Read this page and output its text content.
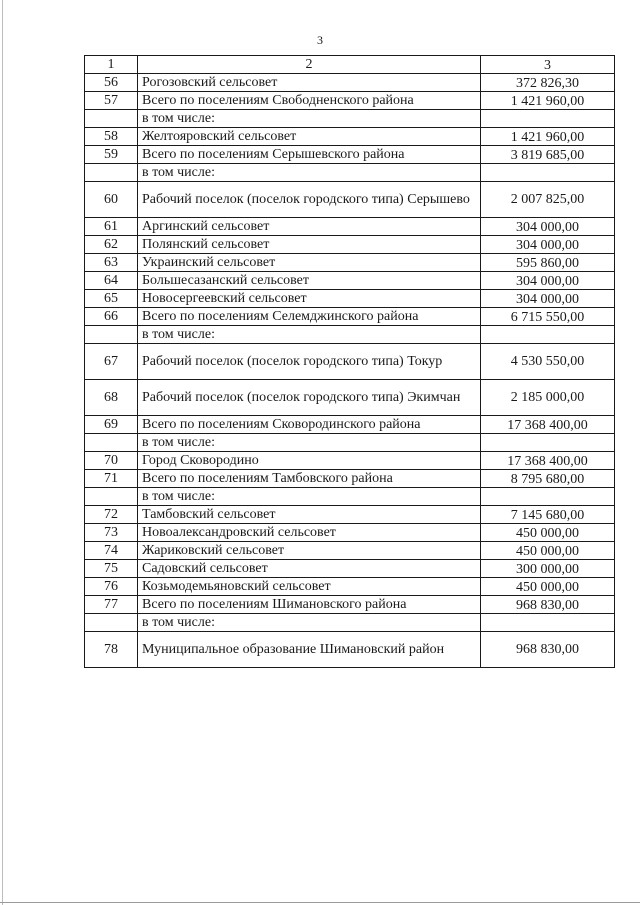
3
1	2	3
56	Рогозовский сельсовет	372 826,30
57	Всего по поселениям Свободненского района	1 421 960,00
	в том числе:	
58	Желтояровский сельсовет	1 421 960,00
59	Всего по поселениям Серышевского района	3 819 685,00
	в том числе:	
60	Рабочий поселок (поселок городского типа) Серышево	2 007 825,00
61	Аргинский сельсовет	304 000,00
62	Полянский сельсовет	304 000,00
63	Украинский сельсовет	595 860,00
64	Большесазанский сельсовет	304 000,00
65	Новосергеевский сельсовет	304 000,00
66	Всего по поселениям Селемджинского района	6 715 550,00
	в том числе:	
67	Рабочий поселок (поселок городского типа) Токур	4 530 550,00
68	Рабочий поселок (поселок городского типа) Экимчан	2 185 000,00
69	Всего по поселениям Сковородинского района	17 368 400,00
	в том числе:	
70	Город Сковородино	17 368 400,00
71	Всего по поселениям Тамбовского района	8 795 680,00
	в том числе:	
72	Тамбовский сельсовет	7 145 680,00
73	Новоалександровский сельсовет	450 000,00
74	Жариковский сельсовет	450 000,00
75	Садовский сельсовет	300 000,00
76	Козьмодемьяновский сельсовет	450 000,00
77	Всего по поселениям Шимановского района	968 830,00
	в том числе:	
78	Муниципальное образование Шимановский район	968 830,00
